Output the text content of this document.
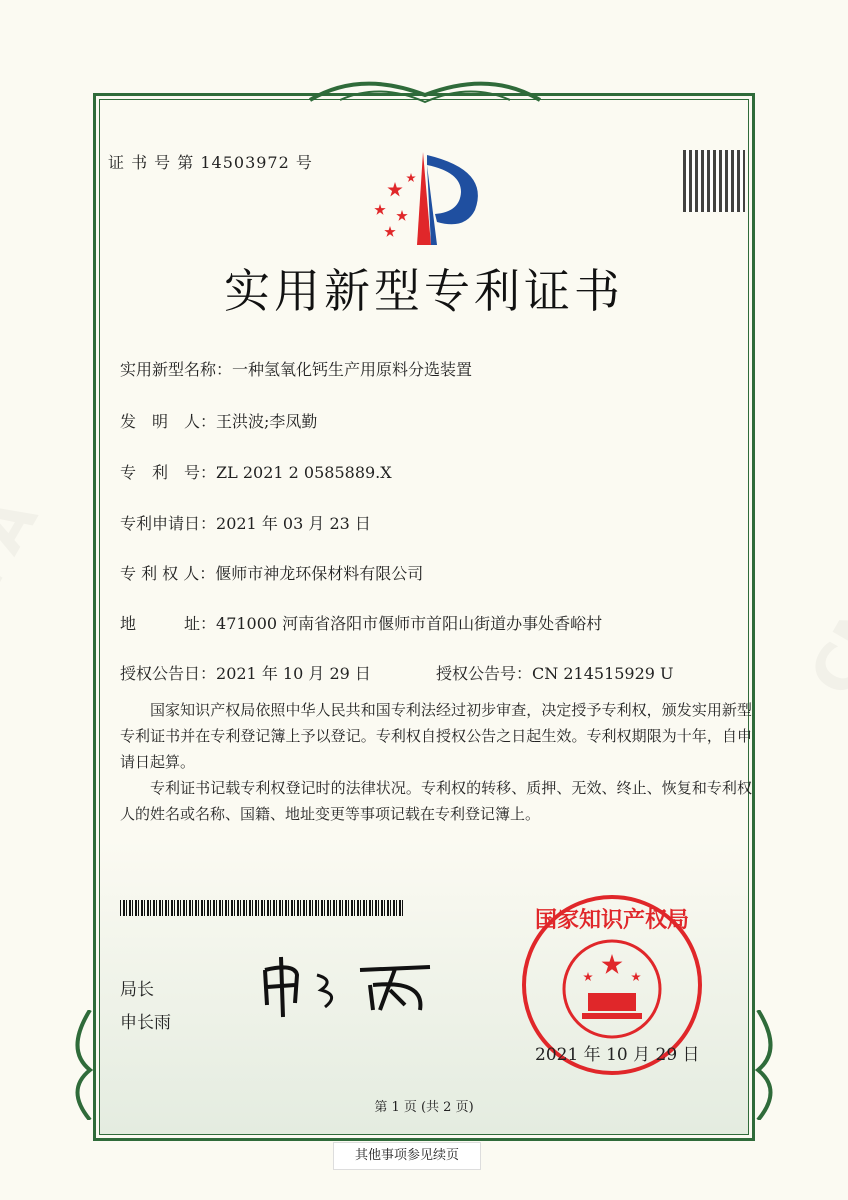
证 书 号 第 14503972 号
实用新型专利证书
实用新型名称：一种氢氧化钙生产用原料分选装置
发　明　人：王洪波;李凤勤
专　利　号：ZL 2021 2 0585889.X
专利申请日：2021 年 03 月 23 日
专 利 权 人：偃师市神龙环保材料有限公司
地　　　址：471000 河南省洛阳市偃师市首阳山街道办事处香峪村
授权公告日：2021 年 10 月 29 日	授权公告号：CN 214515929 U

国家知识产权局依照中华人民共和国专利法经过初步审查，决定授予专利权，颁发实用新型专利证书并在专利登记簿上予以登记。专利权自授权公告之日起生效。专利权期限为十年，自申请日起算。

专利证书记载专利权登记时的法律状况。专利权的转移、质押、无效、终止、恢复和专利权人的姓名或名称、国籍、地址变更等事项记载在专利登记簿上。

局长
申长雨
国家知识产权局
2021 年 10 月 29 日
第 1 页 (共 2 页)
其他事项参见续页
